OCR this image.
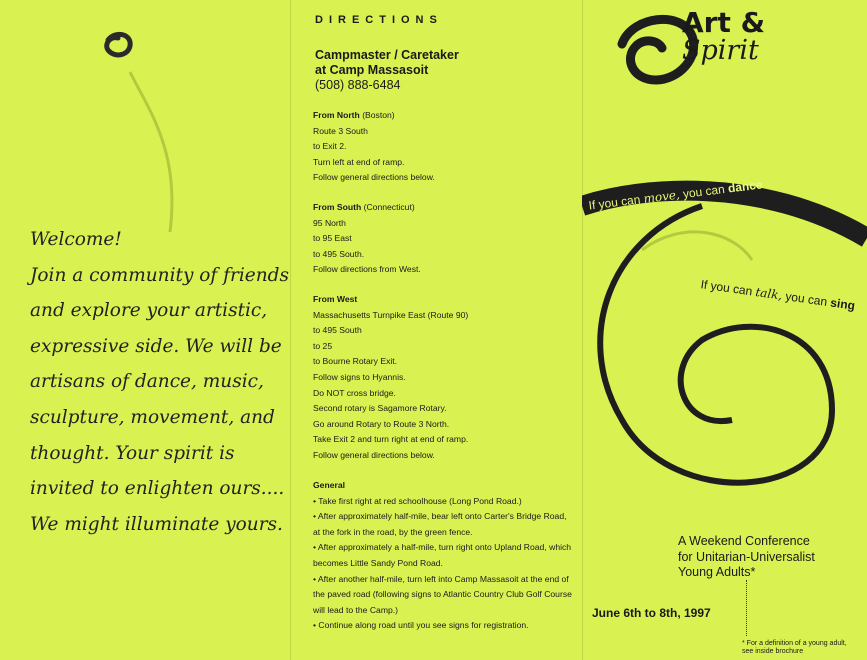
Welcome!
Join a community of friends
and explore your artistic,
expressive side. We will be
artisans of dance, music,
sculpture, movement, and
thought. Your spirit is
invited to enlighten ours....
We might illuminate yours.
DIRECTIONS
Campmaster / Caretaker
at Camp Massasoit
(508) 888-6484
From North (Boston)
Route 3 South
to Exit 2.
Turn left at end of ramp.
Follow general directions below.
From South (Connecticut)
95 North
to 95 East
to 495 South.
Follow directions from West.
From West
Massachusetts Turnpike East (Route 90)
to 495 South
to 25
to Bourne Rotary Exit.
Follow signs to Hyannis.
Do NOT cross bridge.
Second rotary is Sagamore Rotary.
Go around Rotary to Route 3 North.
Take Exit 2 and turn right at end of ramp.
Follow general directions below.
General
• Take first right at red schoolhouse (Long Pond Road.)
• After approximately half-mile, bear left onto Carter's Bridge Road, at the fork in the road, by the green fence.
• After approximately a half-mile, turn right onto Upland Road, which becomes Little Sandy Pond Road.
• After another half-mile, turn left into Camp Massasoit at the end of the paved road (following signs to Atlantic Country Club Golf Course will lead to the Camp.)
• Continue along road until you see signs for registration.
Art &
Spirit
If you can move, you can dance
If you can talk, you can sing
A Weekend Conference
for Unitarian-Universalist
Young Adults*
June 6th to 8th, 1997
* For a definition of a young adult, see inside brochure
